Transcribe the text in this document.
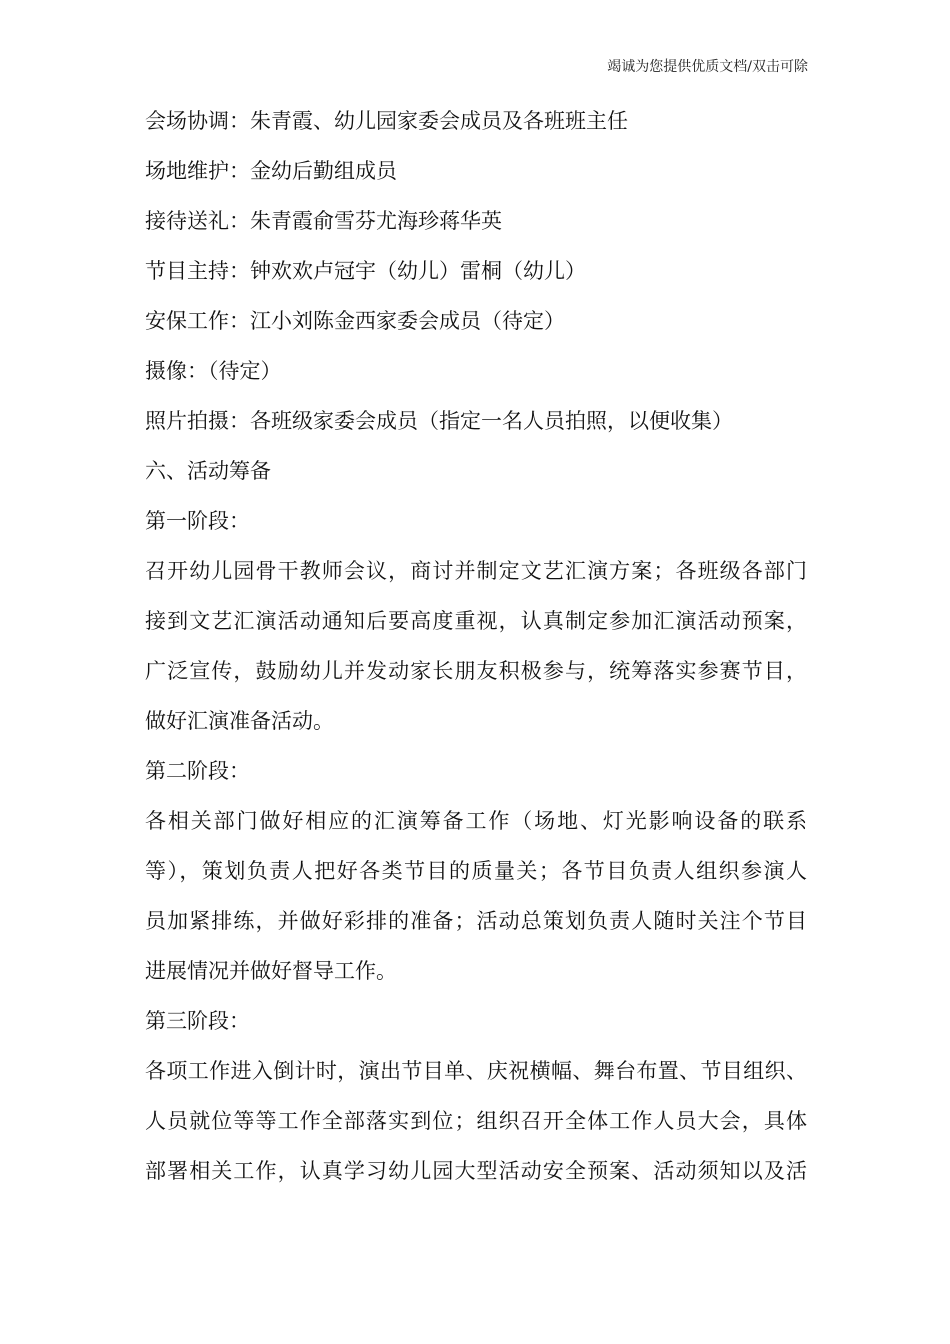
竭诚为您提供优质文档/双击可除
会场协调：朱青霞、幼儿园家委会成员及各班班主任
场地维护：金幼后勤组成员
接待送礼：朱青霞俞雪芬尤海珍蒋华英
节目主持：钟欢欢卢冠宇（幼儿）雷桐（幼儿）
安保工作：江小刘陈金西家委会成员（待定）
摄像：（待定）
照片拍摄：各班级家委会成员（指定一名人员拍照，以便收集）
六、活动筹备
第一阶段：
召开幼儿园骨干教师会议，商讨并制定文艺汇演方案；各班级各部门
接到文艺汇演活动通知后要高度重视，认真制定参加汇演活动预案，
广泛宣传，鼓励幼儿并发动家长朋友积极参与，统筹落实参赛节目，
做好汇演准备活动。
第二阶段：
各相关部门做好相应的汇演筹备工作（场地、灯光影响设备的联系
等），策划负责人把好各类节目的质量关；各节目负责人组织参演人
员加紧排练，并做好彩排的准备；活动总策划负责人随时关注个节目
进展情况并做好督导工作。
第三阶段：
各项工作进入倒计时，演出节目单、庆祝横幅、舞台布置、节目组织、
人员就位等等工作全部落实到位；组织召开全体工作人员大会，具体
部署相关工作，认真学习幼儿园大型活动安全预案、活动须知以及活
